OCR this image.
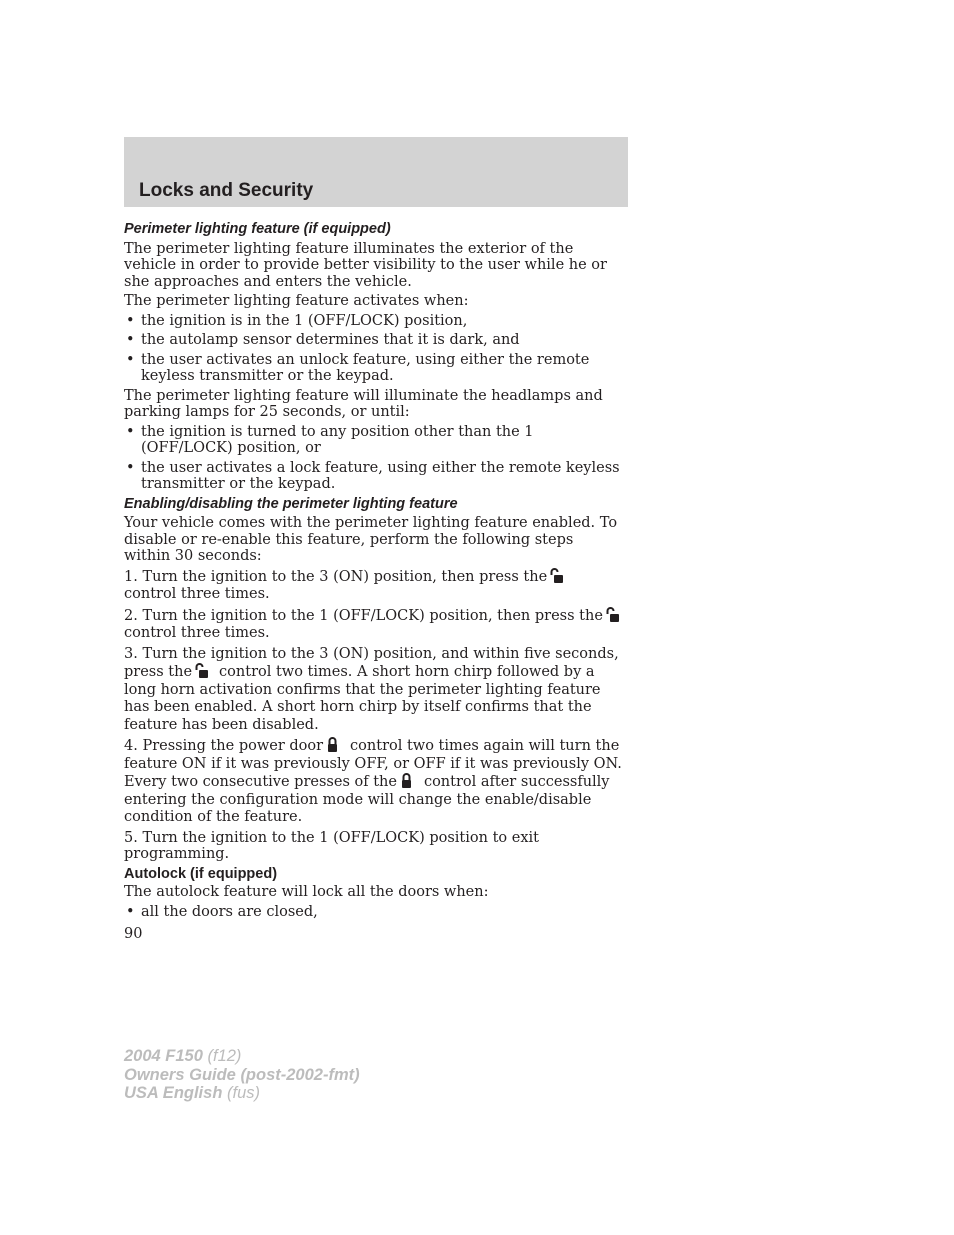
Locks and Security
Perimeter lighting feature (if equipped)

The perimeter lighting feature illuminates the exterior of the vehicle in order to provide better visibility to the user while he or she approaches and enters the vehicle.

The perimeter lighting feature activates when:

• the ignition is in the 1 (OFF/LOCK) position,
• the autolamp sensor determines that it is dark, and
• the user activates an unlock feature, using either the remote keyless transmitter or the keypad.

The perimeter lighting feature will illuminate the headlamps and parking lamps for 25 seconds, or until:

• the ignition is turned to any position other than the 1 (OFF/LOCK) position, or
• the user activates a lock feature, using either the remote keyless transmitter or the keypad.
Enabling/disabling the perimeter lighting feature

Your vehicle comes with the perimeter lighting feature enabled. To disable or re-enable this feature, perform the following steps within 30 seconds:

1. Turn the ignition to the 3 (ON) position, then press thecontrol three times.

2. Turn the ignition to the 1 (OFF/LOCK) position, then press the control three times.

3. Turn the ignition to the 3 (ON) position, and within five seconds, press the control two times. A short horn chirp followed by a long horn activation confirms that the perimeter lighting feature has been enabled. A short horn chirp by itself confirms that the feature has been disabled.

4. Pressing the power door control two times again will turn the feature ON if it was previously OFF, or OFF if it was previously ON. Every two consecutive presses of the control after successfully entering the configuration mode will change the enable/disable condition of the feature.

5. Turn the ignition to the 1 (OFF/LOCK) position to exit programming.

Autolock (if equipped)

The autolock feature will lock all the doors when:

• all the doors are closed,
90
2004 F150 (f12)
Owners Guide (post-2002-fmt)
USA English (fus)
